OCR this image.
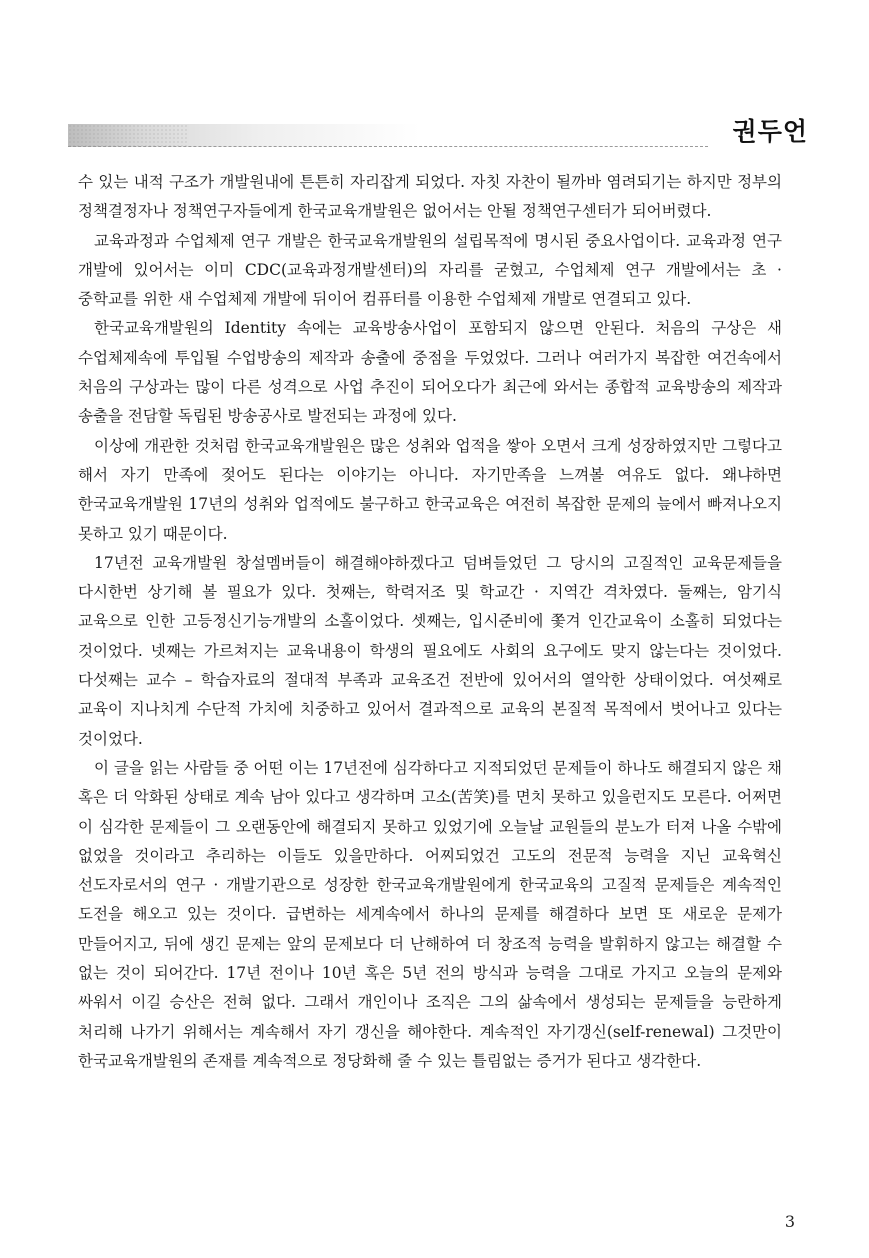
권두언

수 있는 내적 구조가 개발원내에 튼튼히 자리잡게 되었다. 자칫 자찬이 될까바 염려되기는 하지만 정부의 정책결정자나 정책연구자들에게 한국교육개발원은 없어서는 안될 정책연구센터가 되어버렸다.

교육과정과 수업체제 연구 개발은 한국교육개발원의 설립목적에 명시된 중요사업이다. 교육과정 연구 개발에 있어서는 이미 CDC(교육과정개발센터)의 자리를 굳혔고, 수업체제 연구 개발에서는 초 · 중학교를 위한 새 수업체제 개발에 뒤이어 컴퓨터를 이용한 수업체제 개발로 연결되고 있다.

한국교육개발원의 Identity 속에는 교육방송사업이 포함되지 않으면 안된다. 처음의 구상은 새 수업체제속에 투입될 수업방송의 제작과 송출에 중점을 두었었다. 그러나 여러가지 복잡한 여건속에서 처음의 구상과는 많이 다른 성격으로 사업 추진이 되어오다가 최근에 와서는 종합적 교육방송의 제작과 송출을 전담할 독립된 방송공사로 발전되는 과정에 있다.

이상에 개관한 것처럼 한국교육개발원은 많은 성취와 업적을 쌓아 오면서 크게 성장하였지만 그렇다고 해서 자기 만족에 젖어도 된다는 이야기는 아니다. 자기만족을 느껴볼 여유도 없다. 왜냐하면 한국교육개발원 17년의 성취와 업적에도 불구하고 한국교육은 여전히 복잡한 문제의 늪에서 빠져나오지 못하고 있기 때문이다.

17년전 교육개발원 창설멤버들이 해결해야하겠다고 덤벼들었던 그 당시의 고질적인 교육문제들을 다시한번 상기해 볼 필요가 있다. 첫째는, 학력저조 및 학교간 · 지역간 격차였다. 둘째는, 암기식 교육으로 인한 고등정신기능개발의 소홀이었다. 셋째는, 입시준비에 쫓겨 인간교육이 소홀히 되었다는 것이었다. 넷째는 가르쳐지는 교육내용이 학생의 필요에도 사회의 요구에도 맞지 않는다는 것이었다. 다섯째는 교수 – 학습자료의 절대적 부족과 교육조건 전반에 있어서의 열악한 상태이었다. 여섯째로 교육이 지나치게 수단적 가치에 치중하고 있어서 결과적으로 교육의 본질적 목적에서 벗어나고 있다는 것이었다.

이 글을 읽는 사람들 중 어떤 이는 17년전에 심각하다고 지적되었던 문제들이 하나도 해결되지 않은 채 혹은 더 악화된 상태로 계속 남아 있다고 생각하며 고소(苦笑)를 면치 못하고 있을런지도 모른다. 어쩌면 이 심각한 문제들이 그 오랜동안에 해결되지 못하고 있었기에 오늘날 교원들의 분노가 터져 나올 수밖에 없었을 것이라고 추리하는 이들도 있을만하다. 어찌되었건 고도의 전문적 능력을 지닌 교육혁신 선도자로서의 연구 · 개발기관으로 성장한 한국교육개발원에게 한국교육의 고질적 문제들은 계속적인 도전을 해오고 있는 것이다. 급변하는 세계속에서 하나의 문제를 해결하다 보면 또 새로운 문제가 만들어지고, 뒤에 생긴 문제는 앞의 문제보다 더 난해하여 더 창조적 능력을 발휘하지 않고는 해결할 수 없는 것이 되어간다. 17년 전이나 10년 혹은 5년 전의 방식과 능력을 그대로 가지고 오늘의 문제와 싸워서 이길 승산은 전혀 없다. 그래서 개인이나 조직은 그의 삶속에서 생성되는 문제들을 능란하게 처리해 나가기 위해서는 계속해서 자기 갱신을 해야한다. 계속적인 자기갱신(self-renewal) 그것만이 한국교육개발원의 존재를 계속적으로 정당화해 줄 수 있는 틀림없는 증거가 된다고 생각한다.

3
